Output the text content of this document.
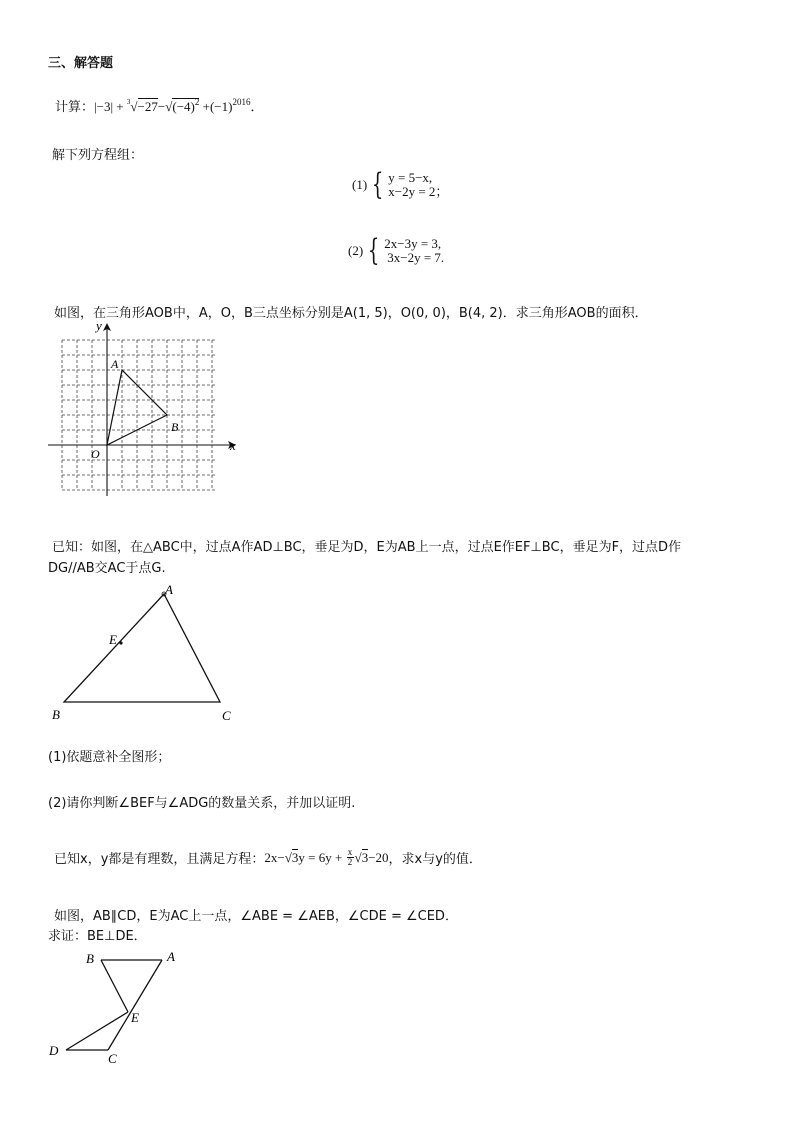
三、解答题
计算：$|-3| + ^3√-27-√(-4)^2 +(-1)^{2016}$．
解下列方程组：
(1) { y = 5−x,
x−2y = 2；
(2) { 2x−3y = 3,
3x−2y = 7.
如图，在三角形AOB中，A，O，B三点坐标分别是A(1, 5)，O(0, 0)，B(4, 2)．求三角形AOB的面积．
y
x
A
B
O
已知：如图，在△ABC中，过点A作AD⊥BC，垂足为D，E为AB上一点，过点E作EF⊥BC，垂足为F，过点D作
DG//AB交AC于点G.
A
E
B	C
(1)依题意补全图形；
(2)请你判断∠BEF与∠ADG的数量关系，并加以证明.
已知x，y都是有理数，且满足方程： 2x− √3 $y = 6y + \frac{x}{2} √3 -20$ ，求x与y的值．
如图，AB∥CD，E为AC上一点，∠ABE = ∠AEB，∠CDE = ∠CED．
求证：BE⊥DE．
B	A
E
D
C
